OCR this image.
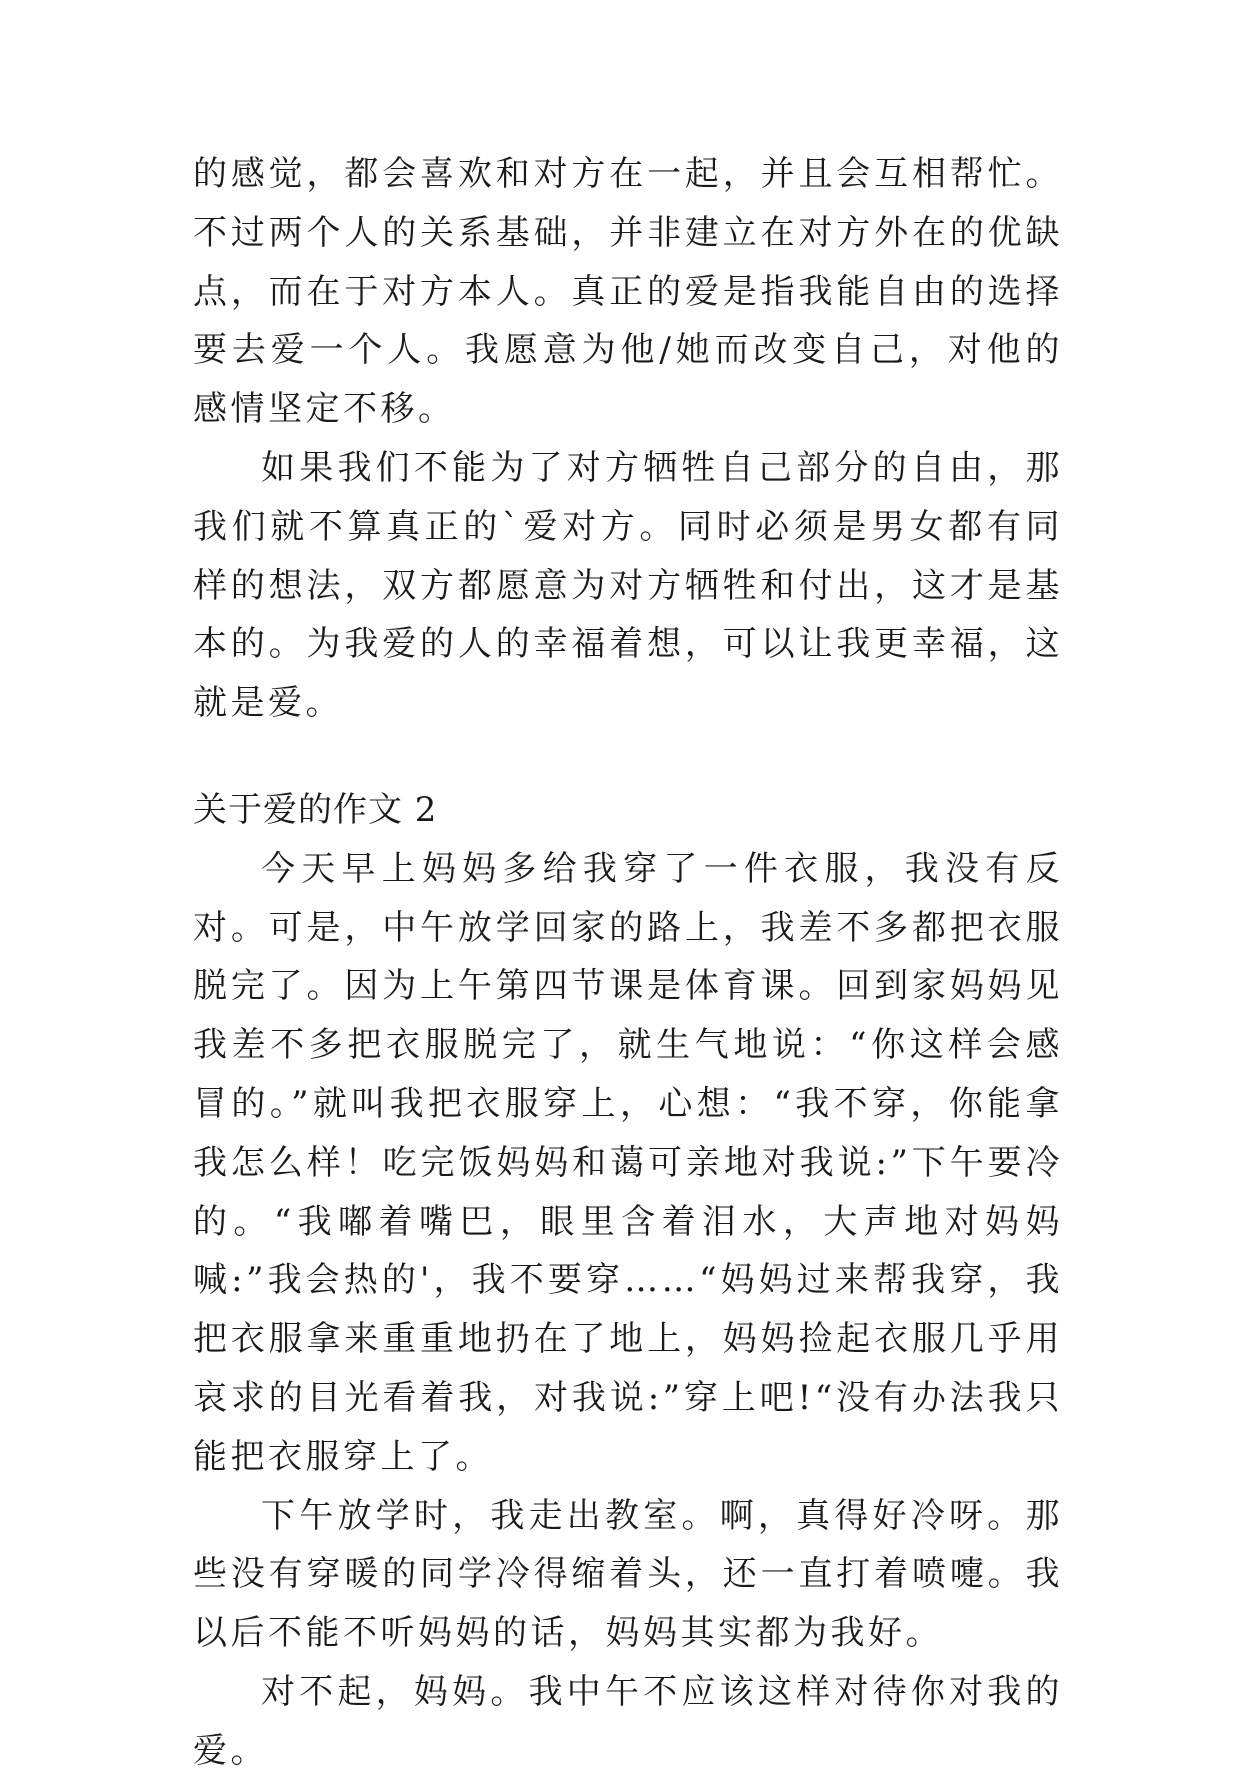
的感觉，都会喜欢和对方在一起，并且会互相帮忙。不过两个人的关系基础，并非建立在对方外在的优缺点，而在于对方本人。真正的爱是指我能自由的选择要去爱一个人。我愿意为他/她而改变自己，对他的感情坚定不移。

如果我们不能为了对方牺牲自己部分的自由，那我们就不算真正的`爱对方。同时必须是男女都有同样的想法，双方都愿意为对方牺牲和付出，这才是基本的。为我爱的人的幸福着想，可以让我更幸福，这就是爱。

关于爱的作文 2

今天早上妈妈多给我穿了一件衣服，我没有反对。可是，中午放学回家的路上，我差不多都把衣服脱完了。因为上午第四节课是体育课。回到家妈妈见我差不多把衣服脱完了，就生气地说：“你这样会感冒的。”就叫我把衣服穿上，心想：“我不穿，你能拿我怎么样！吃完饭妈妈和蔼可亲地对我说:”下午要冷的。“我嘟着嘴巴，眼里含着泪水，大声地对妈妈喊:”我会热的'，我不要穿……“妈妈过来帮我穿，我把衣服拿来重重地扔在了地上，妈妈捡起衣服几乎用哀求的目光看着我，对我说:”穿上吧!“没有办法我只能把衣服穿上了。

下午放学时，我走出教室。啊，真得好冷呀。那些没有穿暖的同学冷得缩着头，还一直打着喷嚏。我以后不能不听妈妈的话，妈妈其实都为我好。

对不起，妈妈。我中午不应该这样对待你对我的爱。
